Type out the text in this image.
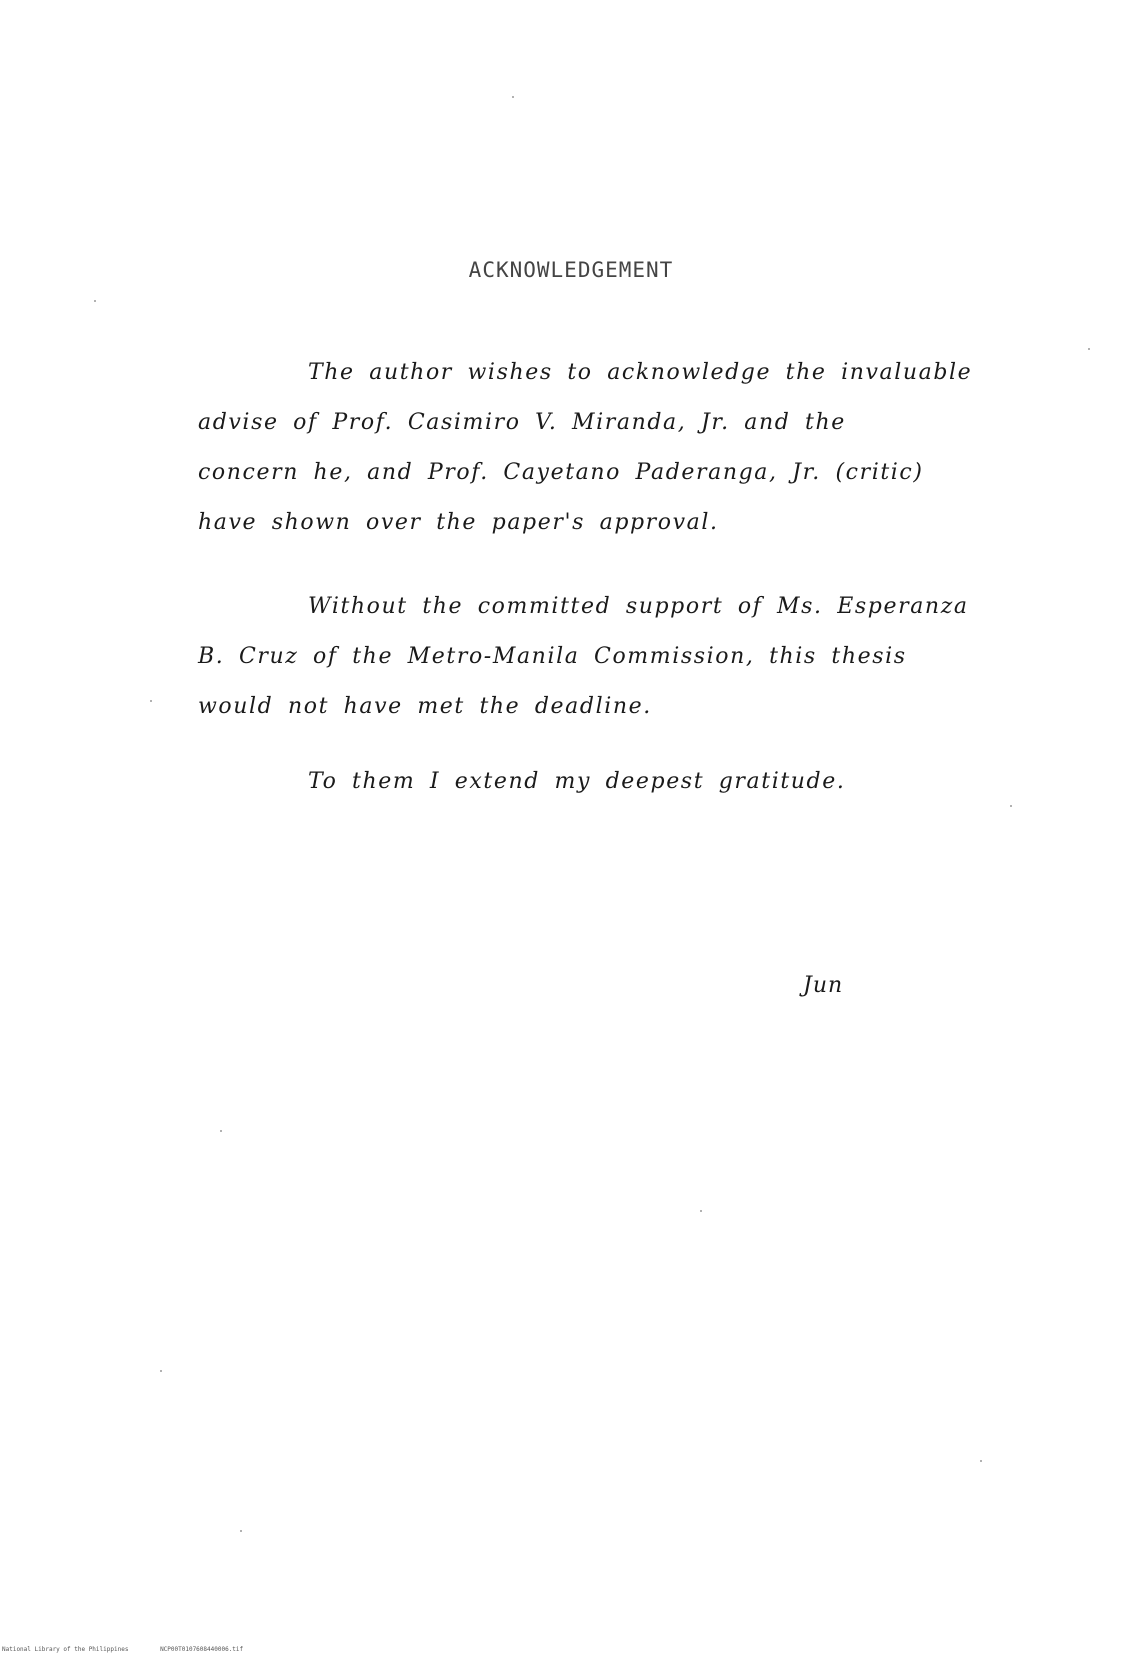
ACKNOWLEDGEMENT

The author wishes to acknowledge the invaluable

advise of Prof. Casimiro V. Miranda, Jr. and the

concern he, and Prof. Cayetano Paderanga, Jr. (critic)

have shown over the paper's approval.

Without the committed support of Ms. Esperanza

B. Cruz of the Metro-Manila Commission, this thesis

would not have met the deadline.

To them I extend my deepest gratitude.

Jun
National Library of the Philippines	NCP00T0107608440006.tif
